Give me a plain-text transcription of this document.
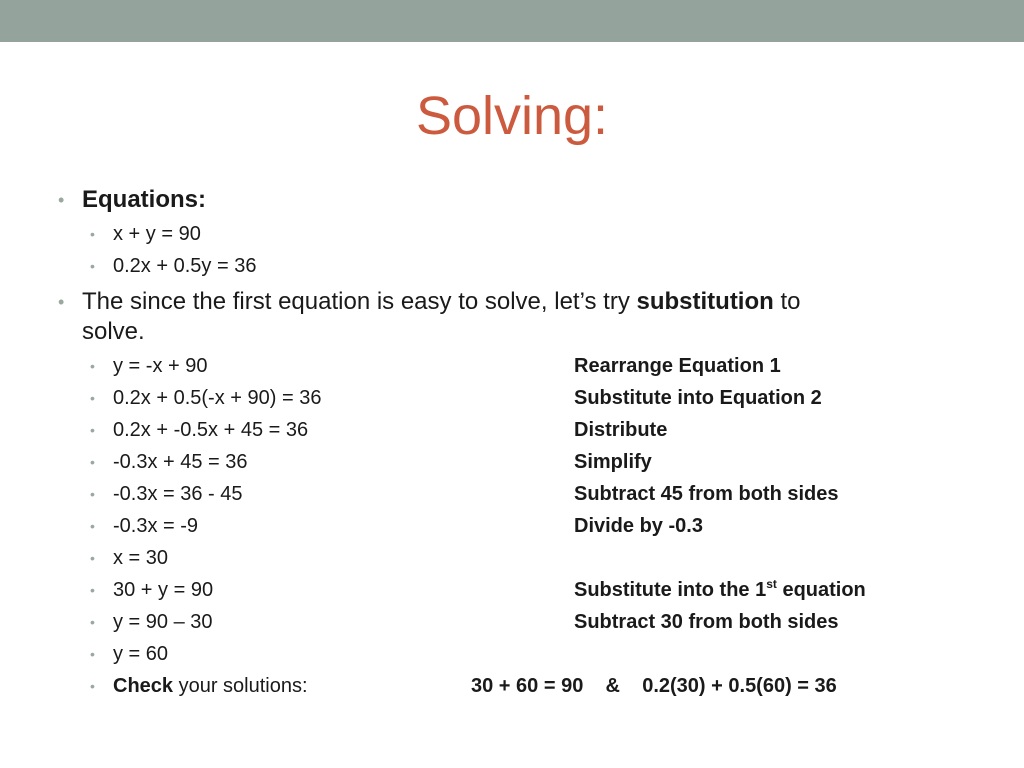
Solving:
• Equations:
• x + y = 90
• 0.2x + 0.5y = 36
• The since the first equation is easy to solve, let’s try substitution to
solve.
• y = -x + 90	Rearrange Equation 1
• 0.2x + 0.5(-x + 90) = 36	Substitute into Equation 2
• 0.2x + -0.5x + 45 = 36	Distribute
• -0.3x + 45 = 36	Simplify
• -0.3x = 36 - 45	Subtract 45 from both sides
• -0.3x = -9	Divide by -0.3
• x = 30
• 30 + y = 90	Substitute into the 1st equation
• y = 90 – 30	Subtract 30 from both sides
• y = 60
• Check your solutions:	30 + 60 = 90    &    0.2(30) + 0.5(60) = 36
